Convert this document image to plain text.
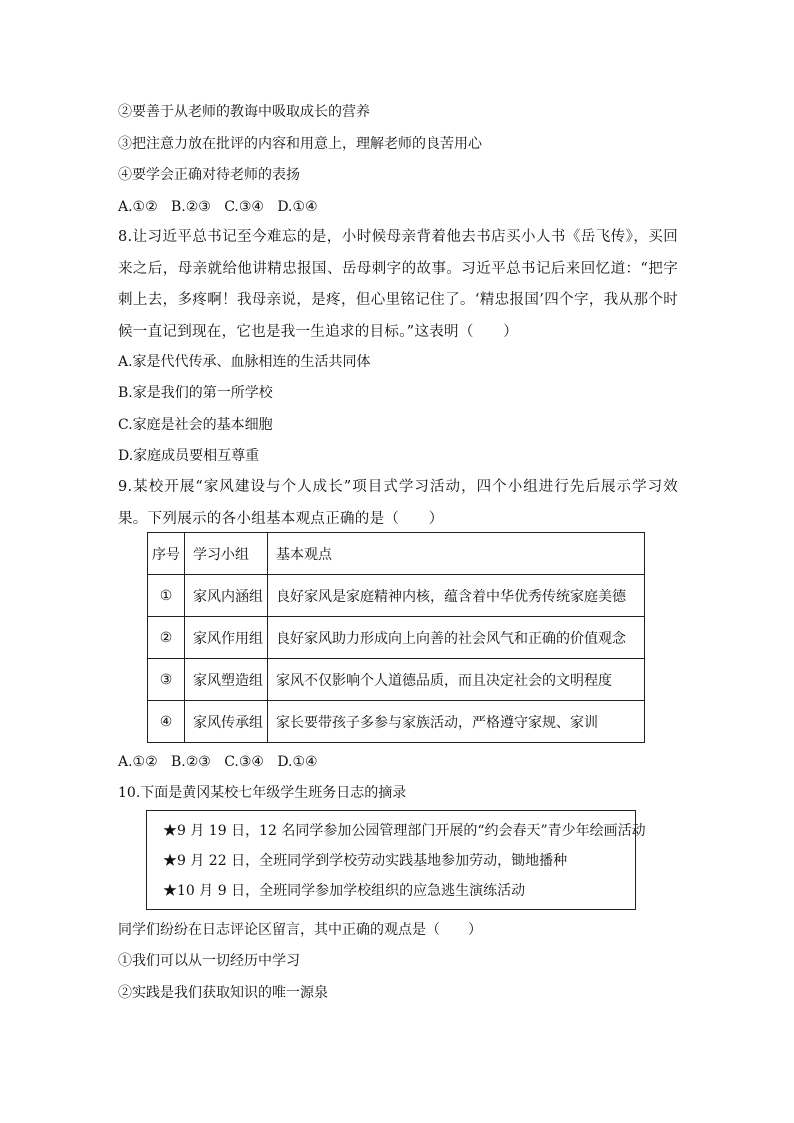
②要善于从老师的教诲中吸取成长的营养
③把注意力放在批评的内容和用意上，理解老师的良苦用心
④要学会正确对待老师的表扬
A.①②   B.②③   C.③④   D.①④
8.让习近平总书记至今难忘的是，小时候母亲背着他去书店买小人书《岳飞传》，买回来之后，母亲就给他讲精忠报国、岳母刺字的故事。习近平总书记后来回忆道：“把字刺上去，多疼啊！我母亲说，是疼，但心里铭记住了。‘精忠报国’四个字，我从那个时候一直记到现在，它也是我一生追求的目标。”这表明（　　）
A.家是代代传承、血脉相连的生活共同体
B.家是我们的第一所学校
C.家庭是社会的基本细胞
D.家庭成员要相互尊重
9.某校开展“家风建设与个人成长”项目式学习活动，四个小组进行先后展示学习效果。下列展示的各小组基本观点正确的是（　　）
序号	学习小组	基本观点
①	家风内涵组	良好家风是家庭精神内核，蕴含着中华优秀传统家庭美德
②	家风作用组	良好家风助力形成向上向善的社会风气和正确的价值观念
③	家风塑造组	家风不仅影响个人道德品质，而且决定社会的文明程度
④	家风传承组	家长要带孩子多参与家族活动，严格遵守家规、家训
A.①②   B.②③   C.③④   D.①④
10.下面是黄冈某校七年级学生班务日志的摘录
★9 月 19 日，12 名同学参加公园管理部门开展的“约会春天”青少年绘画活动
★9 月 22 日，全班同学到学校劳动实践基地参加劳动，锄地播种
★10 月 9 日，全班同学参加学校组织的应急逃生演练活动
同学们纷纷在日志评论区留言，其中正确的观点是（　　）
①我们可以从一切经历中学习
②实践是我们获取知识的唯一源泉
